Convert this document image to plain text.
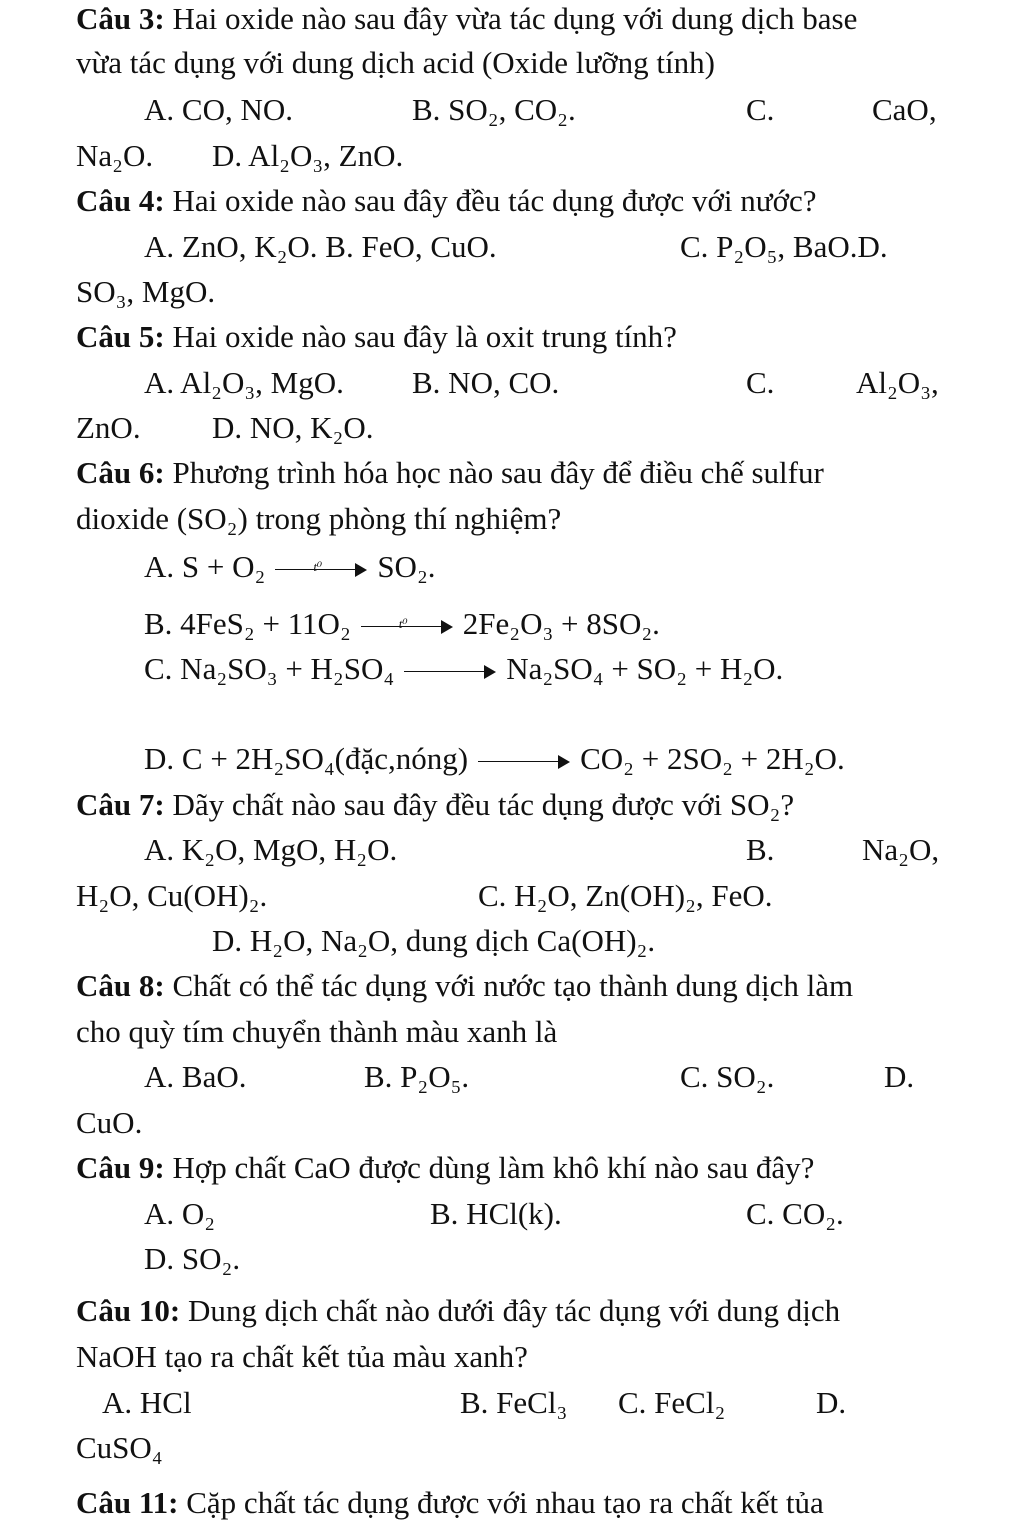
Câu 3: Hai oxide nào sau đây vừa tác dụng với dung dịch base
vừa tác dụng với dung dịch acid (Oxide lưỡng tính)
A. CO, NO.	B. SO₂, CO₂.	C.	CaO,
Na₂O. D. Al₂O₃, ZnO.
Câu 4: Hai oxide nào sau đây đều tác dụng được với nước?
A. ZnO, K₂O. B. FeO, CuO.	C. P₂O₅, BaO.D.
SO₃, MgO.
Câu 5: Hai oxide nào sau đây là oxit trung tính?
A. Al₂O₃, MgO. B. NO, CO.	C.	Al₂O₃,
ZnO. D. NO, K₂O.
Câu 6: Phương trình hóa học nào sau đây để điều chế sulfur
dioxide (SO₂) trong phòng thí nghiệm?
A. S + O₂	t⁰ SO₂.
B. 4FeS₂ + 11O₂	t⁰ 2Fe₂O₃ + 8SO₂.
C. Na₂SO₃ + H₂SO₄	Na₂SO₄ + SO₂ + H₂O.
D. C + 2H₂SO₄(đặc,nóng)	CO₂ + 2SO₂ + 2H₂O.
Câu 7: Dãy chất nào sau đây đều tác dụng được với SO₂?
A. K₂O, MgO, H₂O.	B.	Na₂O,
H₂O, Cu(OH)₂.	C. H₂O, Zn(OH)₂, FeO.
D. H₂O, Na₂O, dung dịch Ca(OH)₂.
Câu 8: Chất có thể tác dụng với nước tạo thành dung dịch làm
cho quỳ tím chuyển thành màu xanh là
A. BaO.	B. P₂O₅.	C. SO₂.	D.
CuO.
Câu 9: Hợp chất CaO được dùng làm khô khí nào sau đây?
A. O₂	B. HCl(k).	C. CO₂.
D. SO₂.
Câu 10: Dung dịch chất nào dưới đây tác dụng với dung dịch
NaOH tạo ra chất kết tủa màu xanh?
A. HCl	B. FeCl₃ C. FeCl₂	D.
CuSO₄
Câu 11: Cặp chất tác dụng được với nhau tạo ra chất kết tủa
